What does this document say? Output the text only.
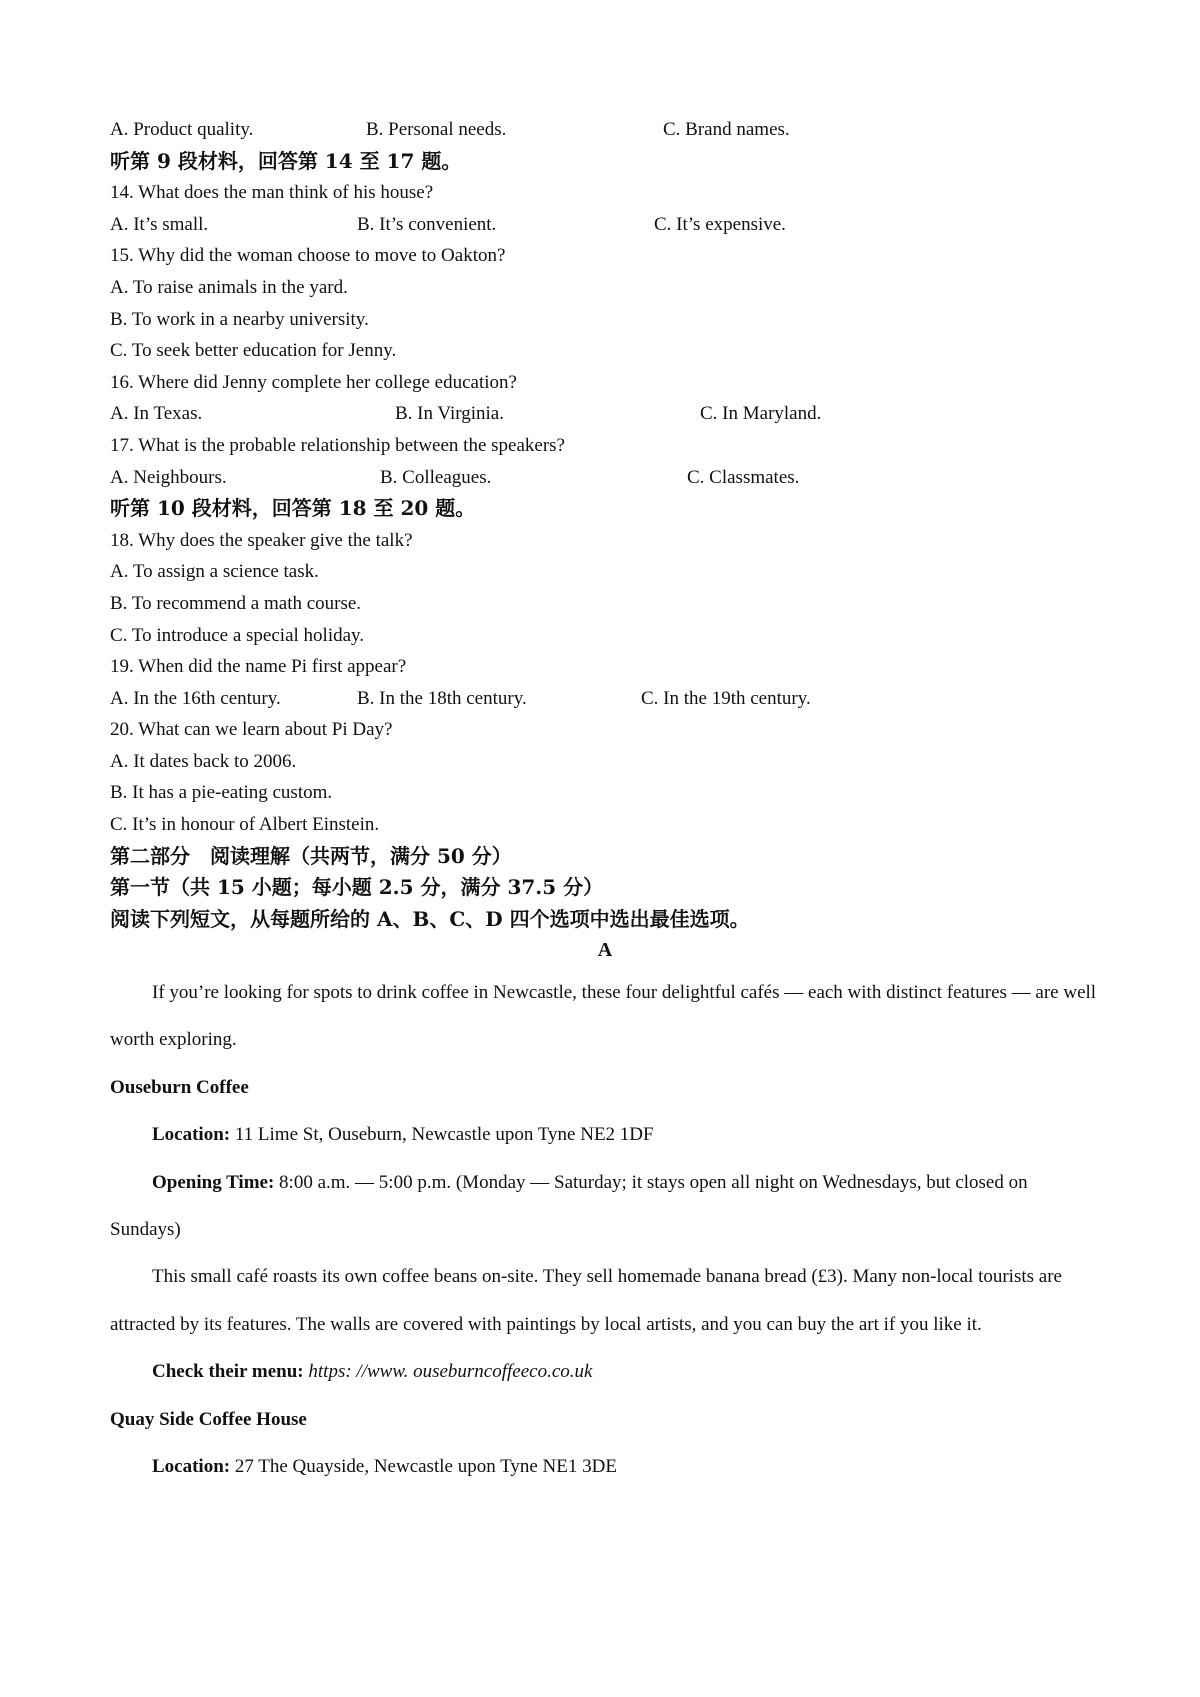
A. Product quality.	B. Personal needs.	C. Brand names.
听第 9 段材料，回答第 14 至 17 题。
14. What does the man think of his house?
A. It’s small.	B. It’s convenient.	C. It’s expensive.
15. Why did the woman choose to move to Oakton?
A. To raise animals in the yard.
B. To work in a nearby university.
C. To seek better education for Jenny.
16. Where did Jenny complete her college education?
A. In Texas.	B. In Virginia.	C. In Maryland.
17. What is the probable relationship between the speakers?
A. Neighbours.	B. Colleagues.	C. Classmates.
听第 10 段材料，回答第 18 至 20 题。
18. Why does the speaker give the talk?
A. To assign a science task.
B. To recommend a math course.
C. To introduce a special holiday.
19. When did the name Pi first appear?
A. In the 16th century.	B. In the 18th century.	C. In the 19th century.
20. What can we learn about Pi Day?
A. It dates back to 2006.
B. It has a pie-eating custom.
C. It’s in honour of Albert Einstein.
第二部分　阅读理解（共两节，满分 50 分）
第一节（共 15 小题；每小题 2.5 分，满分 37.5 分）
阅读下列短文，从每题所给的 A、B、C、D 四个选项中选出最佳选项。
A

If you’re looking for spots to drink coffee in Newcastle, these four delightful cafés — each with distinct features — are well worth exploring.

Ouseburn Coffee

Location: 11 Lime St, Ouseburn, Newcastle upon Tyne NE2 1DF

Opening Time: 8:00 a.m. — 5:00 p.m. (Monday — Saturday; it stays open all night on Wednesdays, but closed on Sundays)

This small café roasts its own coffee beans on-site. They sell homemade banana bread (£3). Many non-local tourists are attracted by its features. The walls are covered with paintings by local artists, and you can buy the art if you like it.

Check their menu: https: //www. ouseburncoffeeco.co.uk

Quay Side Coffee House

Location: 27 The Quayside, Newcastle upon Tyne NE1 3DE
